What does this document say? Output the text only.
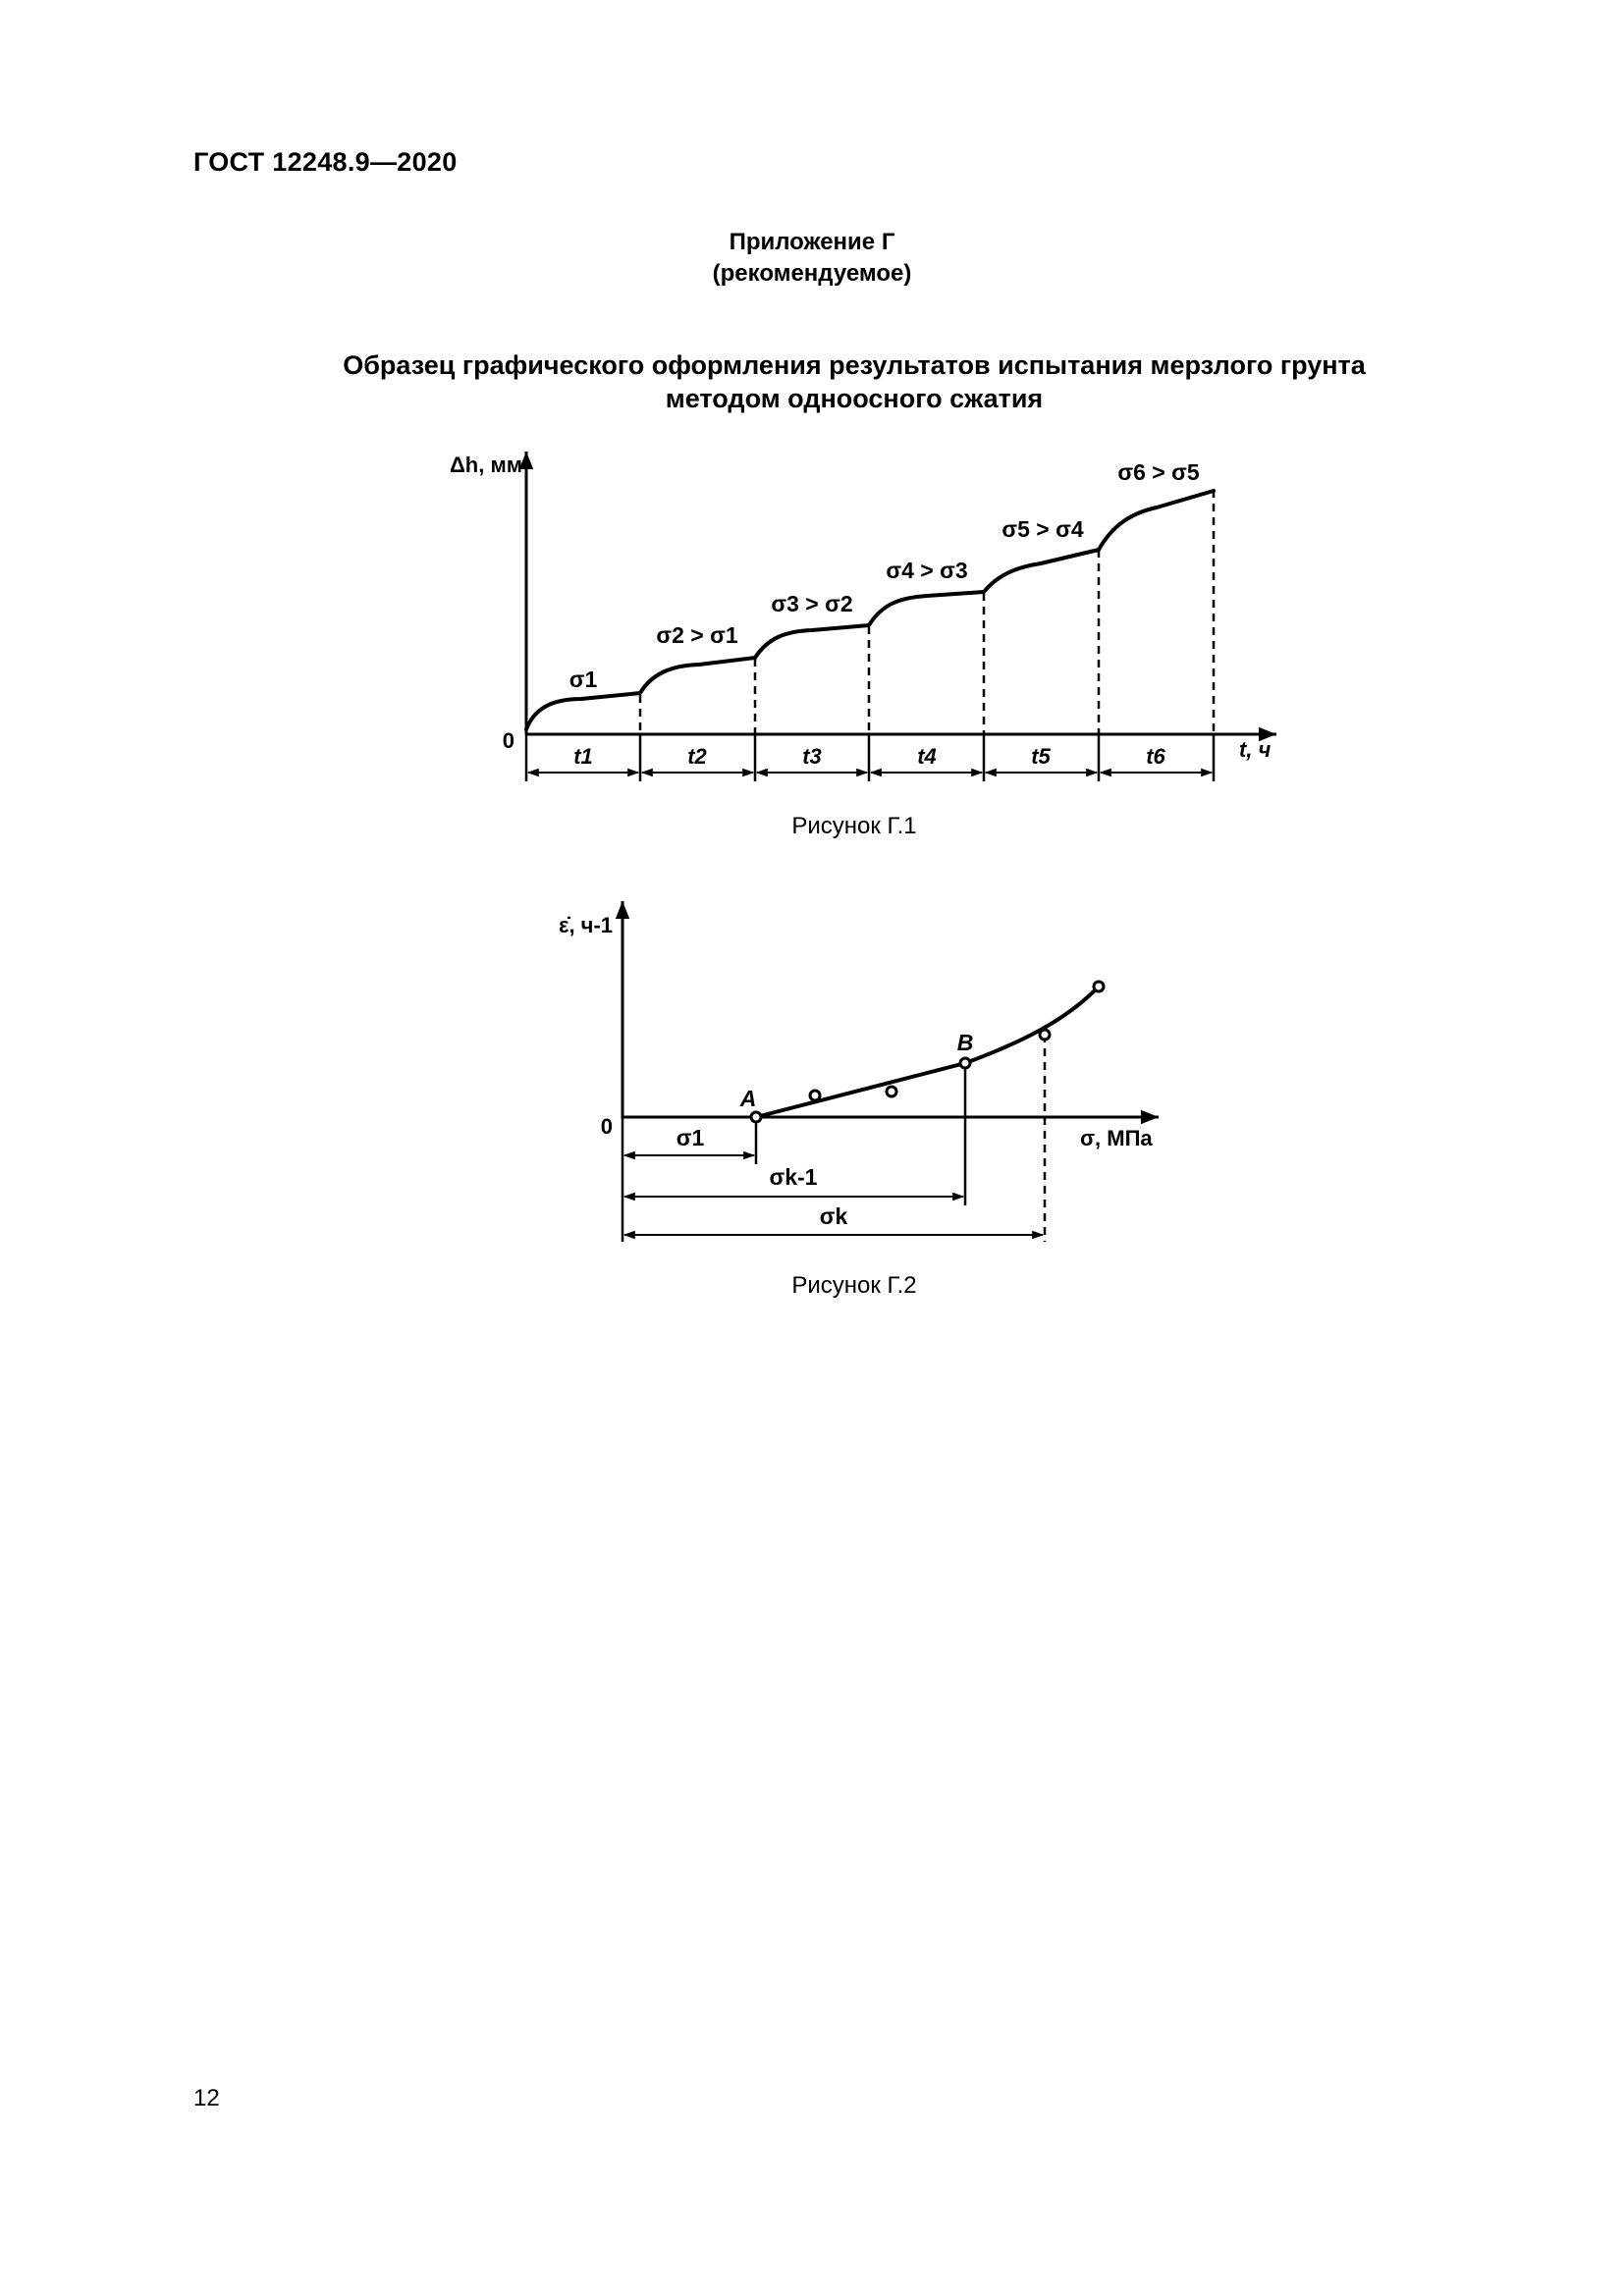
ГОСТ 12248.9—2020
Приложение Г
(рекомендуемое)
Образец графического оформления результатов испытания мерзлого грунта
методом одноосного сжатия
Δh, мм
0	t, ч
σ1
σ2 > σ1
σ3 > σ2
σ4 > σ3
σ5 > σ4
σ6 > σ5
t1	t2	t3	t4	t5	t6
ε̇, ч-1
0	σ, МПа
A
B
σ1
σk-1
σk
Рисунок Г.1
Рисунок Г.2
12
